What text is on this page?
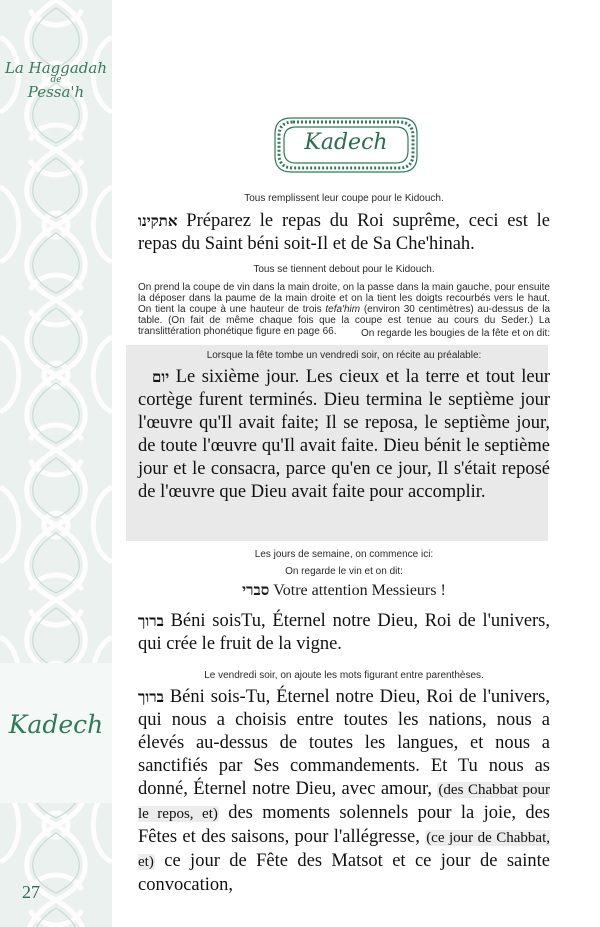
La Haggadah
de
Pessa'h
Kadech
27
Kadech
Tous remplissent leur coupe pour le Kidouch.
אתקינו Préparez le repas du Roi suprême, ceci est le repas du Saint béni soit-Il et de Sa Che'hinah.
Tous se tiennent debout pour le Kidouch.
On prend la coupe de vin dans la main droite, on la passe dans la main gauche, pour ensuite la déposer dans la paume de la main droite et on la tient les doigts recourbés vers le haut. On tient la coupe à une hauteur de trois tefa'him (environ 30 centimètres) au-dessus de la table. (On fait de même chaque fois que la coupe est tenue au cours du Seder.) La translittération phonétique figure en page 66.	On regarde les bougies de la fête et on dit:
Lorsque la fête tombe un vendredi soir, on récite au préalable:
יום Le sixième jour. Les cieux et la terre et tout leur cortège furent terminés. Dieu termina le septième jour l'œuvre qu'Il avait faite; Il se reposa, le septième jour, de toute l'œuvre qu'Il avait faite. Dieu bénit le septième jour et le consacra, parce qu'en ce jour, Il s'était reposé de l'œuvre que Dieu avait faite pour accomplir.
Les jours de semaine, on commence ici:
On regarde le vin et on dit:
סברי Votre attention Messieurs !
ברוך Béni soisTu, Éternel notre Dieu, Roi de l'univers, qui crée le fruit de la vigne.
Le vendredi soir, on ajoute les mots figurant entre parenthèses.
ברוך Béni sois-Tu, Éternel notre Dieu, Roi de l'univers, qui nous a choisis entre toutes les nations, nous a élevés au-dessus de toutes les langues, et nous a sanctifiés par Ses commandements. Et Tu nous as donné, Éternel notre Dieu, avec amour, (des Chabbat pour le repos, et) des moments solennels pour la joie, des Fêtes et des saisons, pour l'allégresse, (ce jour de Chabbat, et) ce jour de Fête des Matsot et ce jour de sainte convocation,
